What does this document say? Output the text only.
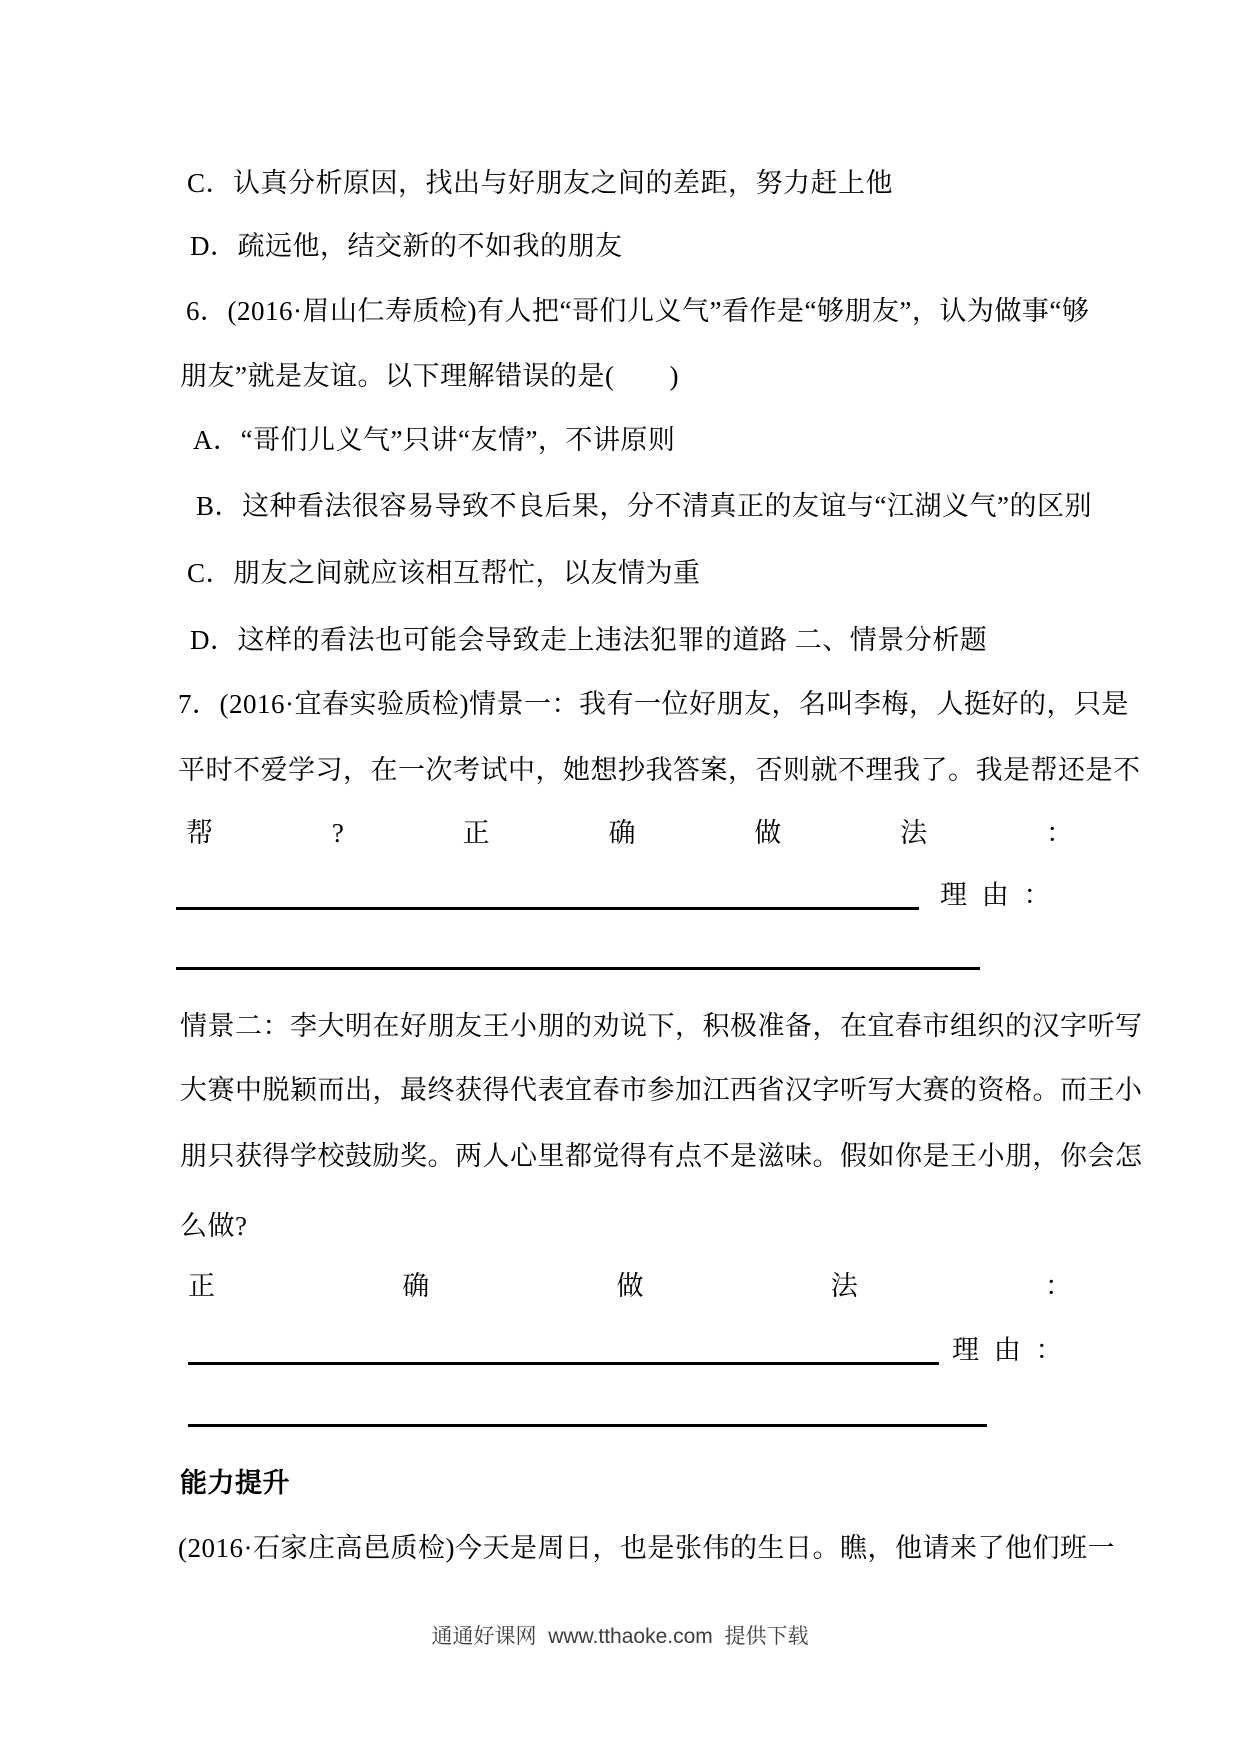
C．认真分析原因，找出与好朋友之间的差距，努力赶上他
D．疏远他，结交新的不如我的朋友
6．(2016·眉山仁寿质检)有人把“哥们儿义气”看作是“够朋友”，认为做事“够
朋友”就是友谊。以下理解错误的是(　　)
A．“哥们儿义气”只讲“友情”，不讲原则
B．这种看法很容易导致不良后果，分不清真正的友谊与“江湖义气”的区别
C．朋友之间就应该相互帮忙，以友情为重
D．这样的看法也可能会导致走上违法犯罪的道路 二、情景分析题
7．(2016·宜春实验质检)情景一：我有一位好朋友，名叫李梅，人挺好的，只是
平时不爱学习，在一次考试中，她想抄我答案，否则就不理我了。我是帮还是不
帮	?	正	确	做	法	：
理 由 ：
情景二：李大明在好朋友王小朋的劝说下，积极准备，在宜春市组织的汉字听写
大赛中脱颖而出，最终获得代表宜春市参加江西省汉字听写大赛的资格。而王小
朋只获得学校鼓励奖。两人心里都觉得有点不是滋味。假如你是王小朋，你会怎
么做?
正	确	做	法	：
理 由 ：
能力提升
(2016·石家庄高邑质检)今天是周日，也是张伟的生日。瞧，他请来了他们班一
通通好课网  www.tthaoke.com  提供下载
